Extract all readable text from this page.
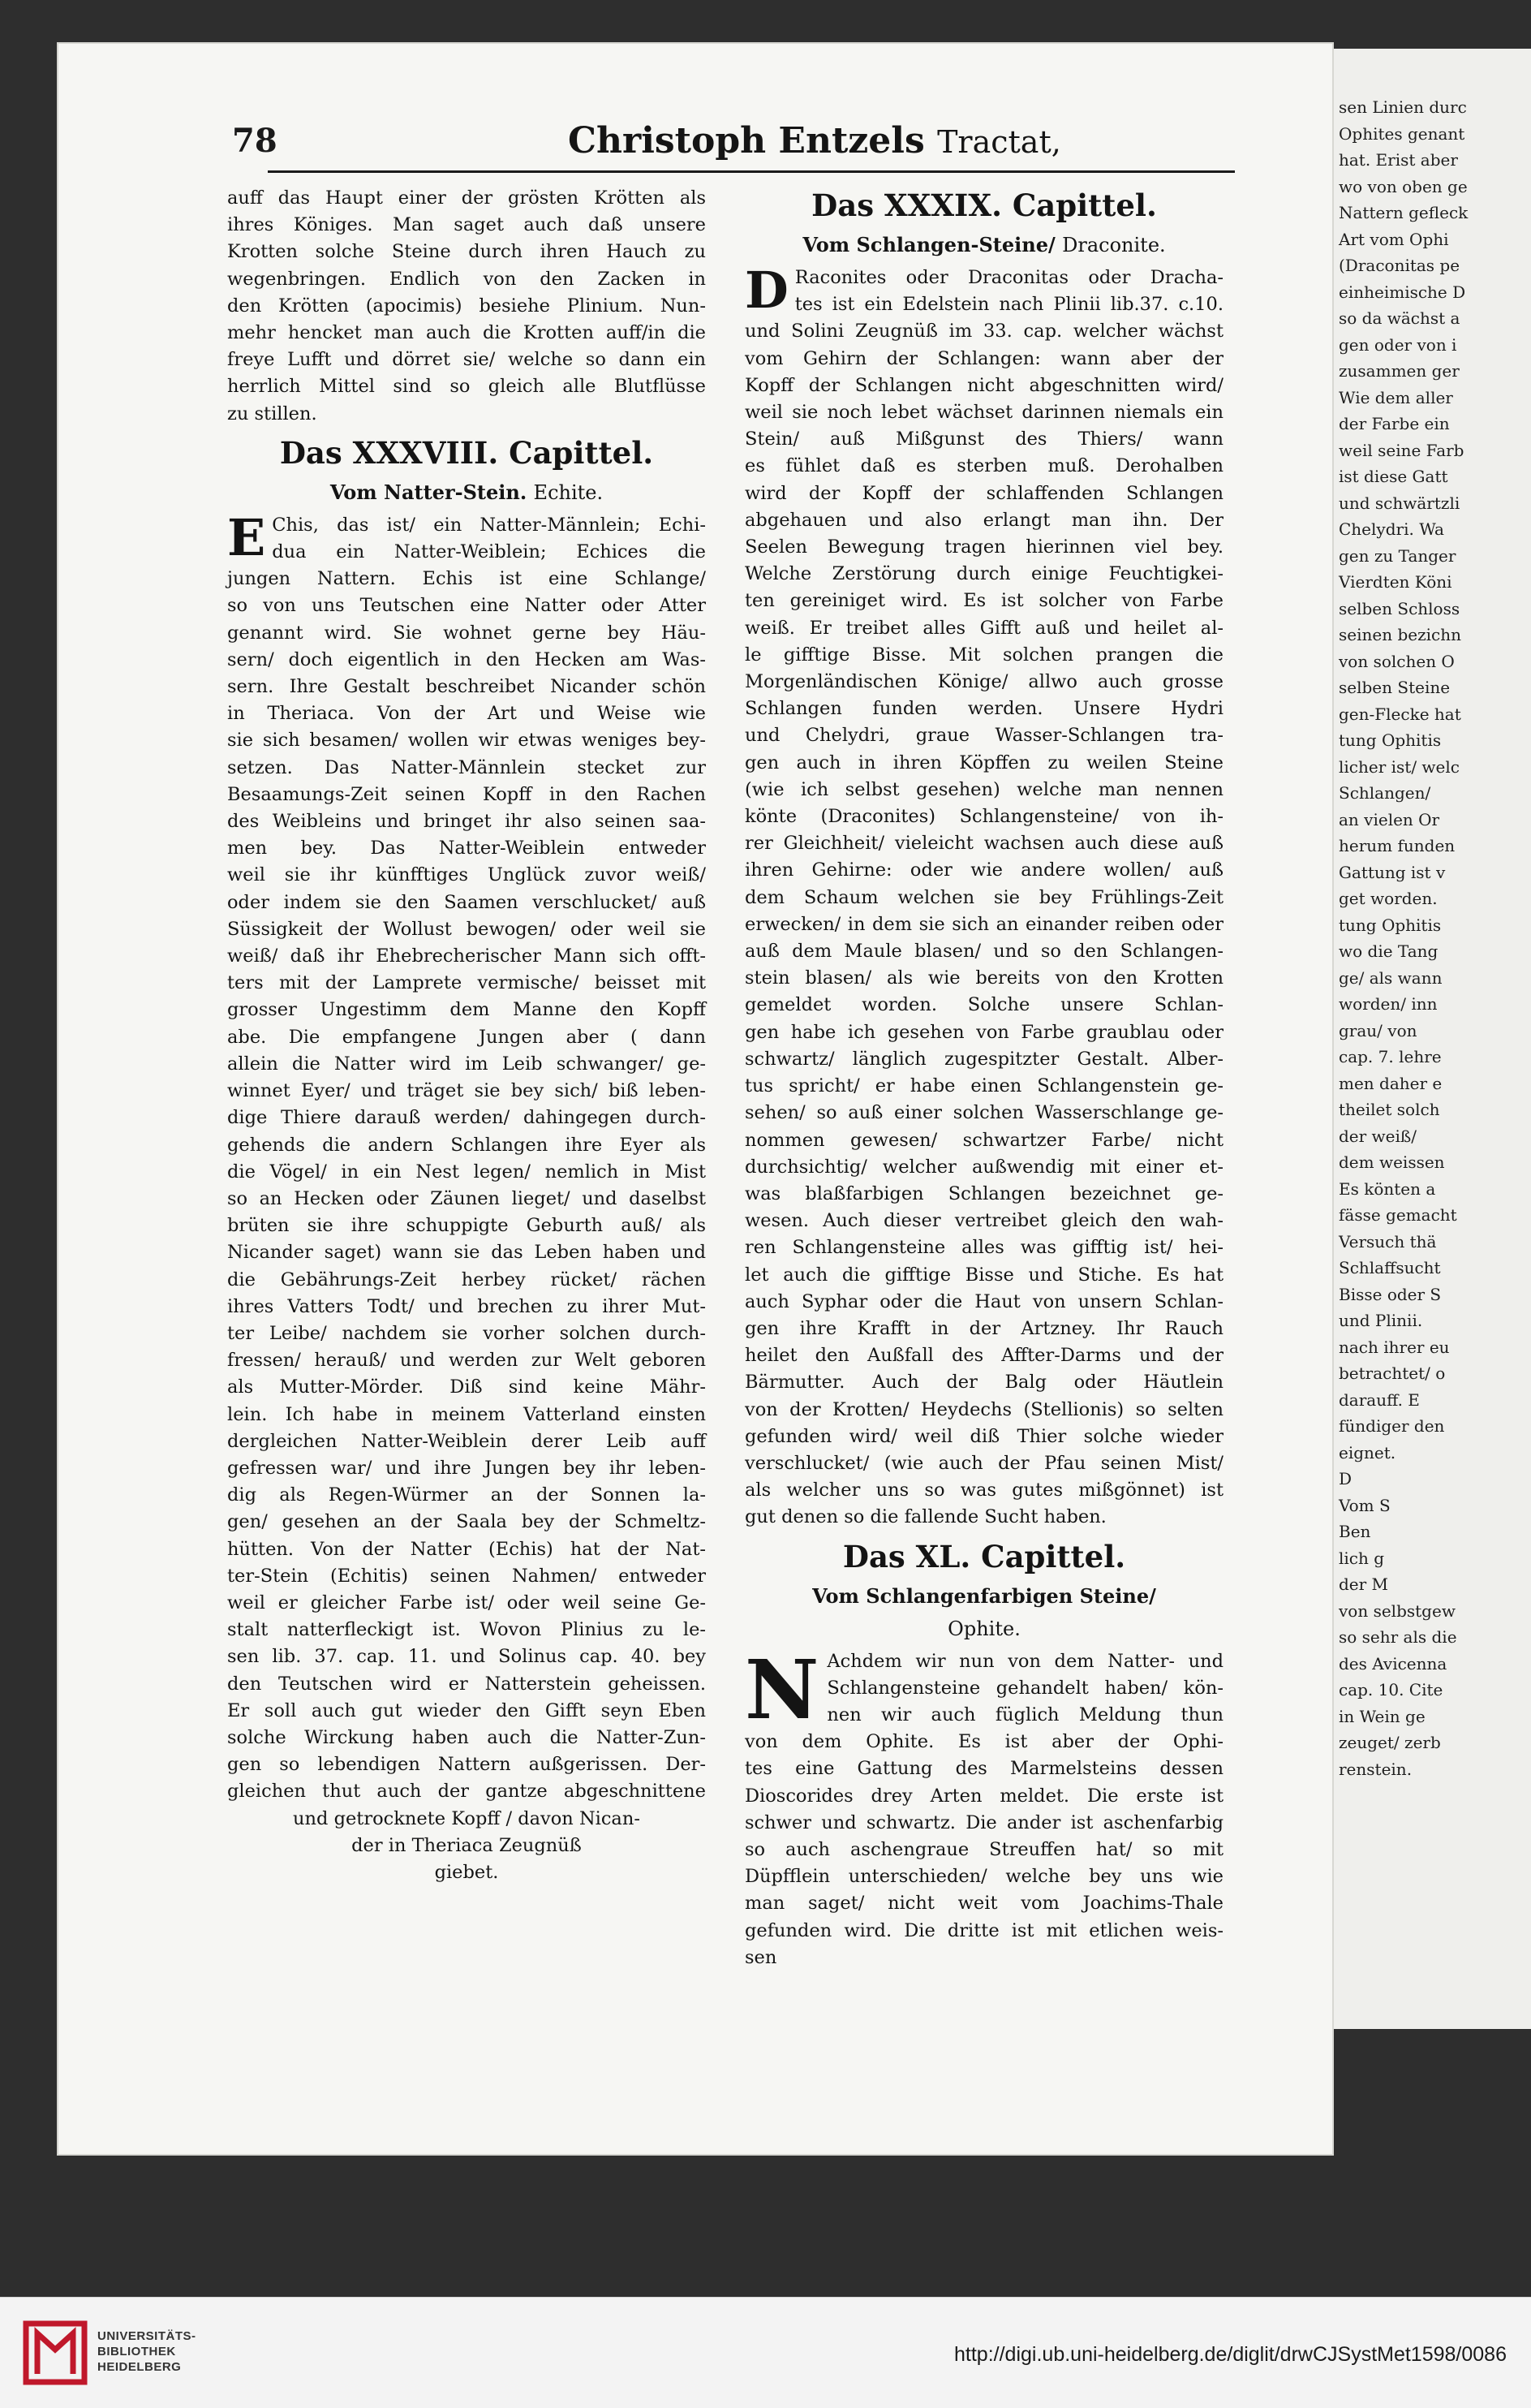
sen Linien durc
Ophites genant
hat. Erist aber
wo von oben ge
Nattern gefleck
Art vom Ophi
(Draconitas pe
einheimische D
so da wächst a
gen oder von i
zusammen ger
Wie dem aller
der Farbe ein
weil seine Farb
ist diese Gatt
und schwärtzli
Chelydri. Wa
gen zu Tanger
Vierdten Köni
selben Schloss
seinen bezichn
von solchen O
selben Steine
gen-Flecke hat
tung Ophitis
licher ist/ welc
Schlangen/
an vielen Or
herum funden
Gattung ist v
get worden.
tung Ophitis
wo die Tang
ge/ als wann
worden/ inn
grau/ von
cap. 7. lehre
men daher e
theilet solch
der weiß/
dem weissen
Es könten a
fässe gemacht
Versuch thä
Schlaffsucht
Bisse oder S
und Plinii.
nach ihrer eu
betrachtet/ o
darauff. E
fündiger den
eignet.
D
Vom S
Ben
lich g
der M
von selbstgew
so sehr als die
des Avicenna
cap. 10. Cite
in Wein ge
zeuget/ zerb
renstein.
78	Christoph Entzels Tractat,
auff das Haupt einer der grösten Krötten als
ihres Königes. Man saget auch daß unsere
Krotten solche Steine durch ihren Hauch zu
wegenbringen. Endlich von den Zacken in
den Krötten (apocimis) besiehe Plinium. Nun-
mehr hencket man auch die Krotten auff/in die
freye Lufft und dörret sie/ welche so dann ein
herrlich Mittel sind so gleich alle Blutflüsse
zu stillen.
Das XXXVIII. Capittel.
Vom Natter-Stein. Echite.
E Chis, das ist/ ein Natter-Männlein; Echi-
dua ein Natter-Weiblein; Echices die
jungen Nattern. Echis ist eine Schlange/
so von uns Teutschen eine Natter oder Atter
genannt wird. Sie wohnet gerne bey Häu-
sern/ doch eigentlich in den Hecken am Was-
sern. Ihre Gestalt beschreibet Nicander schön
in Theriaca. Von der Art und Weise wie
sie sich besamen/ wollen wir etwas weniges bey-
setzen. Das Natter-Männlein stecket zur
Besaamungs-Zeit seinen Kopff in den Rachen
des Weibleins und bringet ihr also seinen saa-
men bey. Das Natter-Weiblein entweder
weil sie ihr künfftiges Unglück zuvor weiß/
oder indem sie den Saamen verschlucket/ auß
Süssigkeit der Wollust bewogen/ oder weil sie
weiß/ daß ihr Ehebrecherischer Mann sich offt-
ters mit der Lamprete vermische/ beisset mit
grosser Ungestimm dem Manne den Kopff
abe. Die empfangene Jungen aber ( dann
allein die Natter wird im Leib schwanger/ ge-
winnet Eyer/ und träget sie bey sich/ biß leben-
dige Thiere darauß werden/ dahingegen durch-
gehends die andern Schlangen ihre Eyer als
die Vögel/ in ein Nest legen/ nemlich in Mist
so an Hecken oder Zäunen lieget/ und daselbst
brüten sie ihre schuppigte Geburth auß/ als
Nicander saget) wann sie das Leben haben und
die Gebährungs-Zeit herbey rücket/ rächen
ihres Vatters Todt/ und brechen zu ihrer Mut-
ter Leibe/ nachdem sie vorher solchen durch-
fressen/ herauß/ und werden zur Welt geboren
als Mutter-Mörder. Diß sind keine Mähr-
lein. Ich habe in meinem Vatterland einsten
dergleichen Natter-Weiblein derer Leib auff
gefressen war/ und ihre Jungen bey ihr leben-
dig als Regen-Würmer an der Sonnen la-
gen/ gesehen an der Saala bey der Schmeltz-
hütten. Von der Natter (Echis) hat der Nat-
ter-Stein (Echitis) seinen Nahmen/ entweder
weil er gleicher Farbe ist/ oder weil seine Ge-
stalt natterfleckigt ist. Wovon Plinius zu le-
sen lib. 37. cap. 11. und Solinus cap. 40. bey
den Teutschen wird er Natterstein geheissen.
Er soll auch gut wieder den Gifft seyn Eben
solche Wirckung haben auch die Natter-Zun-
gen so lebendigen Nattern außgerissen. Der-
gleichen thut auch der gantze abgeschnittene
und getrocknete Kopff / davon Nican-
der in Theriaca Zeugnüß
giebet.
Das XXXIX. Capittel.
Vom Schlangen-Steine/ Draconite.
D Raconites oder Draconitas oder Dracha-
tes ist ein Edelstein nach Plinii lib.37. c.10.
und Solini Zeugnüß im 33. cap. welcher wächst
vom Gehirn der Schlangen: wann aber der
Kopff der Schlangen nicht abgeschnitten wird/
weil sie noch lebet wächset darinnen niemals ein
Stein/ auß Mißgunst des Thiers/ wann
es fühlet daß es sterben muß. Derohalben
wird der Kopff der schlaffenden Schlangen
abgehauen und also erlangt man ihn. Der
Seelen Bewegung tragen hierinnen viel bey.
Welche Zerstörung durch einige Feuchtigkei-
ten gereiniget wird. Es ist solcher von Farbe
weiß. Er treibet alles Gifft auß und heilet al-
le gifftige Bisse. Mit solchen prangen die
Morgenländischen Könige/ allwo auch grosse
Schlangen funden werden. Unsere Hydri
und Chelydri, graue Wasser-Schlangen tra-
gen auch in ihren Köpffen zu weilen Steine
(wie ich selbst gesehen) welche man nennen
könte (Draconites) Schlangensteine/ von ih-
rer Gleichheit/ vieleicht wachsen auch diese auß
ihren Gehirne: oder wie andere wollen/ auß
dem Schaum welchen sie bey Frühlings-Zeit
erwecken/ in dem sie sich an einander reiben oder
auß dem Maule blasen/ und so den Schlangen-
stein blasen/ als wie bereits von den Krotten
gemeldet worden. Solche unsere Schlan-
gen habe ich gesehen von Farbe graublau oder
schwartz/ länglich zugespitzter Gestalt. Alber-
tus spricht/ er habe einen Schlangenstein ge-
sehen/ so auß einer solchen Wasserschlange ge-
nommen gewesen/ schwartzer Farbe/ nicht
durchsichtig/ welcher außwendig mit einer et-
was blaßfarbigen Schlangen bezeichnet ge-
wesen. Auch dieser vertreibet gleich den wah-
ren Schlangensteine alles was gifftig ist/ hei-
let auch die gifftige Bisse und Stiche. Es hat
auch Syphar oder die Haut von unsern Schlan-
gen ihre Krafft in der Artzney. Ihr Rauch
heilet den Außfall des Affter-Darms und der
Bärmutter. Auch der Balg oder Häutlein
von der Krotten/ Heydechs (Stellionis) so selten
gefunden wird/ weil diß Thier solche wieder
verschlucket/ (wie auch der Pfau seinen Mist/
als welcher uns so was gutes mißgönnet) ist
gut denen so die fallende Sucht haben.
Das XL. Capittel.
Vom Schlangenfarbigen Steine/
Ophite.
N Achdem wir nun von dem Natter- und
Schlangensteine gehandelt haben/ kön-
nen wir auch füglich Meldung thun
von dem Ophite. Es ist aber der Ophi-
tes eine Gattung des Marmelsteins dessen
Dioscorides drey Arten meldet. Die erste ist
schwer und schwartz. Die ander ist aschenfarbig
so auch aschengraue Streuffen hat/ so mit
Düpfflein unterschieden/ welche bey uns wie
man saget/ nicht weit vom Joachims-Thale
gefunden wird. Die dritte ist mit etlichen weis-
sen
UNIVERSITÄTS-
BIBLIOTHEK
HEIDELBERG
http://digi.ub.uni-heidelberg.de/diglit/drwCJSystMet1598/0086
